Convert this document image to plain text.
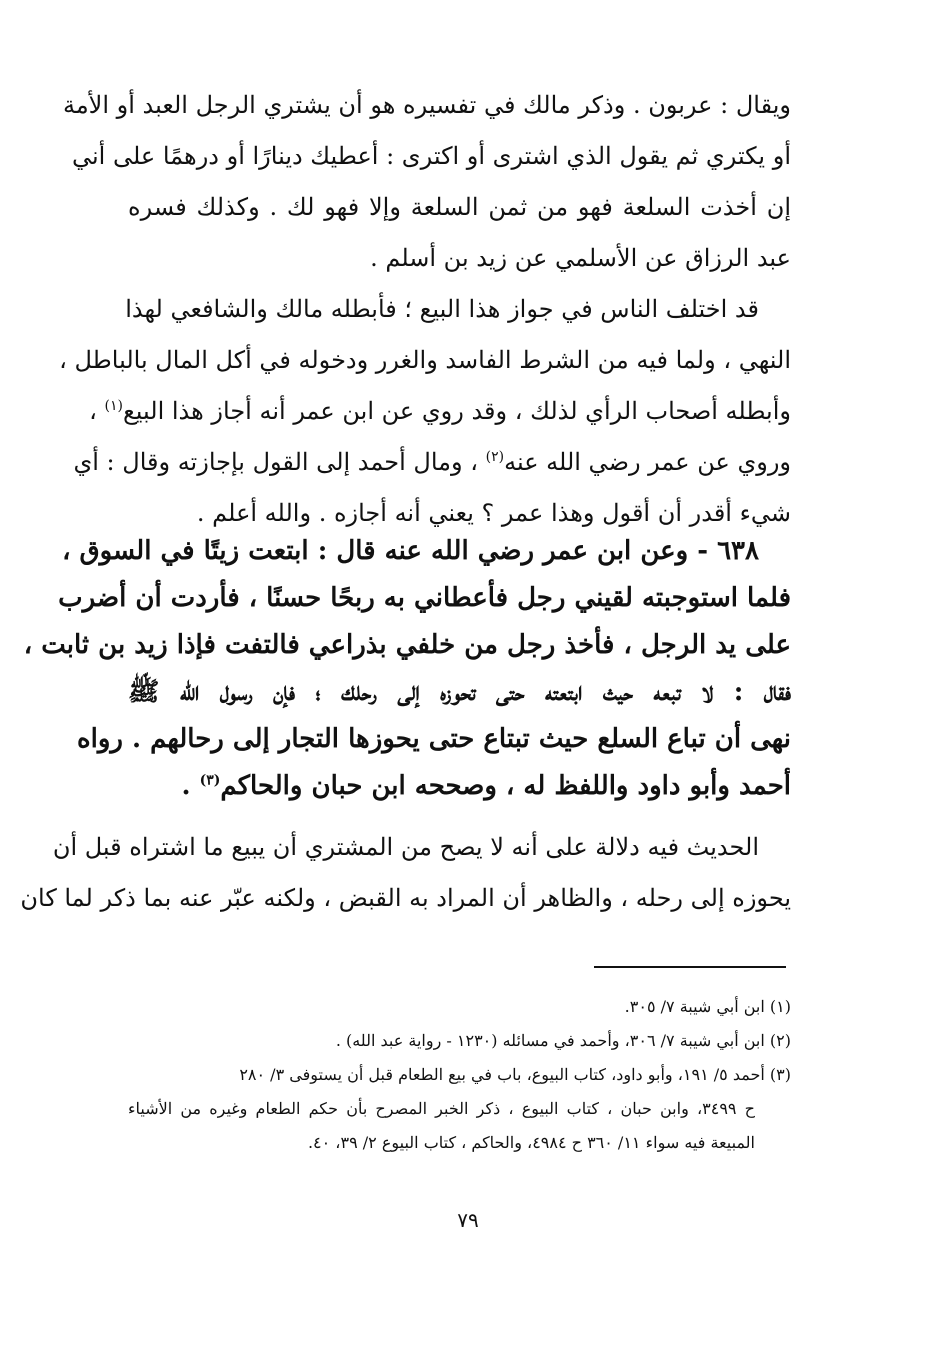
ويقال : عربون . وذكر مالك في تفسيره هو أن يشتري الرجل العبد أو الأمة
أو يكتري ثم يقول الذي اشترى أو اكترى : أعطيك دينارًا أو درهمًا على أني
إن أخذت السلعة فهو من ثمن السلعة وإلا فهو لك . وكذلك فسره
عبد الرزاق عن الأسلمي عن زيد بن أسلم .
قد اختلف الناس في جواز هذا البيع ؛ فأبطله مالك والشافعي لهذا
النهي ، ولما فيه من الشرط الفاسد والغرر ودخوله في أكل المال بالباطل ،
وأبطله أصحاب الرأي لذلك ، وقد روي عن ابن عمر أنه أجاز هذا البيع$^{(١)}$ ،
وروي عن عمر رضي الله عنه$^{(٢)}$ ، ومال أحمد إلى القول بإجازته وقال : أي
شيء أقدر أن أقول وهذا عمر ؟ يعني أنه أجازه . والله أعلم .
٦٣٨ - وعن ابن عمر رضي الله عنه قال : ابتعت زيتًا في السوق ،
فلما استوجبته لقيني رجل فأعطاني به ربحًا حسنًا ، فأردت أن أضرب
على يد الرجل ، فأخذ رجل من خلفي بذراعي فالتفت فإذا زيد بن ثابت ،
فقال : لا تبعه حيث ابتعته حتى تحوزه إلى رحلك ؛ فإن رسول الله ﷺ
نهى أن تباع السلع حيث تبتاع حتى يحوزها التجار إلى رحالهم . رواه
أحمد وأبو داود واللفظ له ، وصححه ابن حبان والحاكم$^{(٣)}$ .
الحديث فيه دلالة على أنه لا يصح من المشتري أن يبيع ما اشتراه قبل أن
يحوزه إلى رحله ، والظاهر أن المراد به القبض ، ولكنه عبّر عنه بما ذكر لما كان
(١) ابن أبي شيبة ٧/ ٣٠٥.
(٢) ابن أبي شيبة ٧/ ٣٠٦، وأحمد في مسائله (١٢٣٠ - رواية عبد الله) .
(٣) أحمد ٥/ ١٩١، وأبو داود، كتاب البيوع، باب في بيع الطعام قبل أن يستوفى ٣/ ٢٨٠
ح ٣٤٩٩، وابن حبان ، كتاب البيوع ، ذكر الخبر المصرح بأن حكم الطعام وغيره من الأشياء
المبيعة فيه سواء ١١/ ٣٦٠ ح ٤٩٨٤، والحاكم ، كتاب البيوع ٢/ ٣٩، ٤٠.
٧٩
